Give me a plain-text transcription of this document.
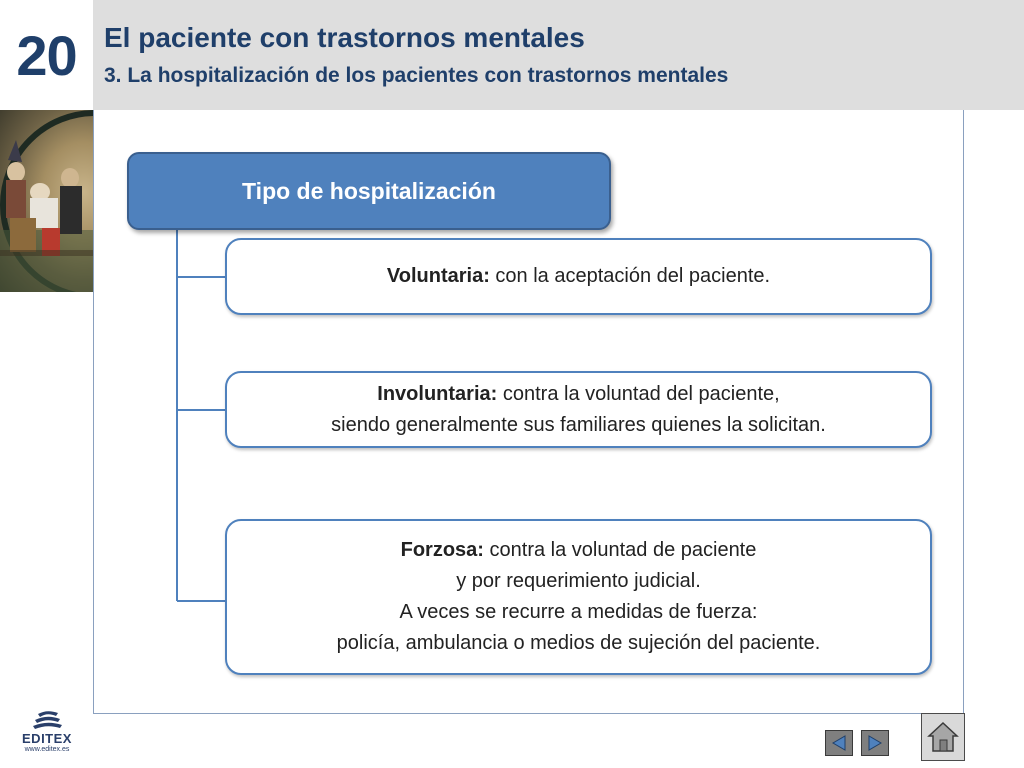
20 El paciente con trastornos mentales
3. La hospitalización de los pacientes con trastornos mentales
Tipo de hospitalización
Voluntaria: con la aceptación del paciente.
Involuntaria: contra la voluntad del paciente,
siendo generalmente sus familiares quienes la solicitan.
Forzosa: contra la voluntad de paciente
y por requerimiento judicial.
A veces se recurre a medidas de fuerza:
policía, ambulancia o medios de sujeción del paciente.
EDITEX
www.editex.es
